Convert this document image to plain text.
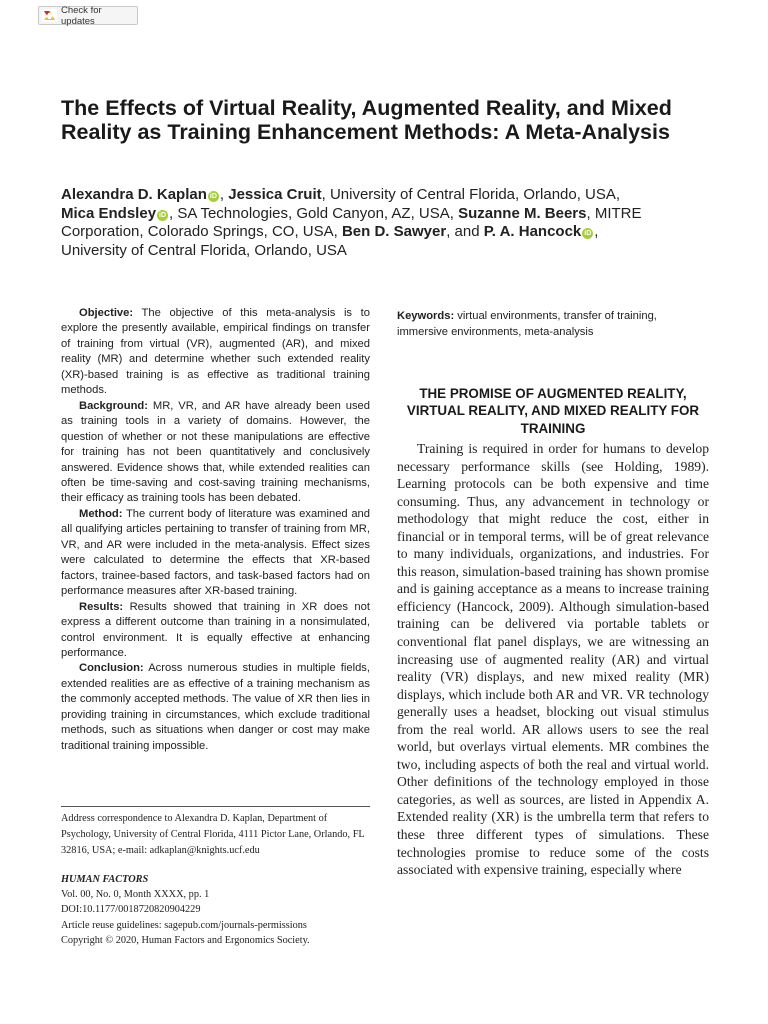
Check for updates
The Effects of Virtual Reality, Augmented Reality, and Mixed Reality as Training Enhancement Methods: A Meta-Analysis
Alexandra D. Kaplan iD , Jessica Cruit, University of Central Florida, Orlando, USA,
Mica Endsley iD , SA Technologies, Gold Canyon, AZ, USA, Suzanne M. Beers, MITRE Corporation, Colorado Springs, CO, USA, Ben D. Sawyer, and P. A. Hancock iD ,
University of Central Florida, Orlando, USA

Objective: The objective of this meta-analysis is to explore the presently available, empirical findings on transfer of training from virtual (VR), augmented (AR), and mixed reality (MR) and determine whether such extended reality (XR)-based training is as effective as traditional training methods.

Background: MR, VR, and AR have already been used as training tools in a variety of domains. However, the question of whether or not these manipulations are effective for training has not been quantitatively and conclusively answered. Evidence shows that, while extended realities can often be time-saving and cost-saving training mechanisms, their efficacy as training tools has been debated.

Method: The current body of literature was examined and all qualifying articles pertaining to transfer of training from MR, VR, and AR were included in the meta-analysis. Effect sizes were calculated to determine the effects that XR-based factors, trainee-based factors, and task-based factors had on performance measures after XR-based training.

Results: Results showed that training in XR does not express a different outcome than training in a nonsimulated, control environment. It is equally effective at enhancing performance.

Conclusion: Across numerous studies in multiple fields, extended realities are as effective of a training mechanism as the commonly accepted methods. The value of XR then lies in providing training in circumstances, which exclude traditional methods, such as situations when danger or cost may make traditional training impossible.

Keywords: virtual environments, transfer of training, immersive environments, meta-analysis
THE PROMISE OF AUGMENTED REALITY, VIRTUAL REALITY, AND MIXED REALITY FOR TRAINING

Training is required in order for humans to develop necessary performance skills (see Holding, 1989). Learning protocols can be both expensive and time consuming. Thus, any advancement in technology or methodology that might reduce the cost, either in financial or in temporal terms, will be of great relevance to many individuals, organizations, and industries. For this reason, simulation-based training has shown promise and is gaining acceptance as a means to increase training efficiency (Hancock, 2009). Although simulation-based training can be delivered via portable tablets or conventional flat panel displays, we are witnessing an increasing use of augmented reality (AR) and virtual reality (VR) displays, and new mixed reality (MR) displays, which include both AR and VR. VR technology generally uses a headset, blocking out visual stimulus from the real world. AR allows users to see the real world, but overlays virtual elements. MR combines the two, including aspects of both the real and virtual world. Other definitions of the technology employed in those categories, as well as sources, are listed in Appendix A. Extended reality (XR) is the umbrella term that refers to these three different types of simulations. These technologies promise to reduce some of the costs associated with expensive training, especially where

Address correspondence to Alexandra D. Kaplan, Department of Psychology, University of Central Florida, 4111 Pictor Lane, Orlando, FL 32816, USA; e-mail: adkaplan@knights.ucf.edu
HUMAN FACTORS
Vol. 00, No. 0, Month XXXX, pp. 1
DOI:10.1177/0018720820904229
Article reuse guidelines: sagepub.com/journals-permissions
Copyright © 2020, Human Factors and Ergonomics Society.
